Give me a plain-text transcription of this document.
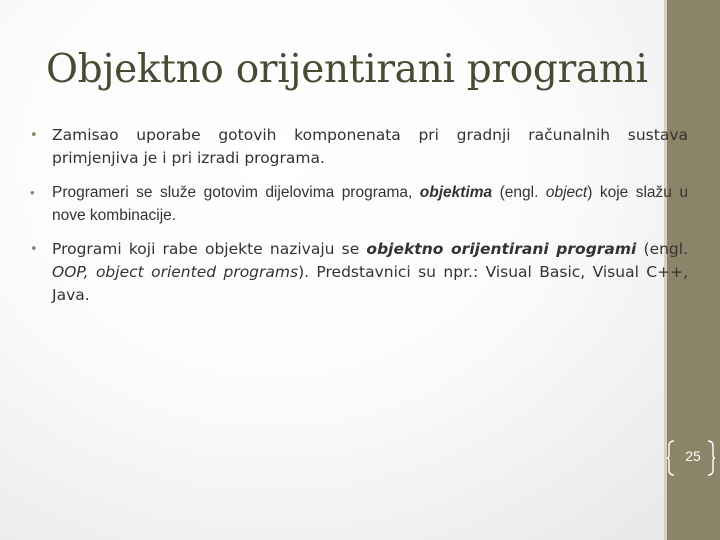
Objektno orijentirani programi
• Zamisao uporabe gotovih komponenata pri gradnji računalnih sustava primjenjiva je i pri izradi programa.
• Programeri se služe gotovim dijelovima programa, objektima (engl. object) koje slažu u nove kombinacije.
• Programi koji rabe objekte nazivaju se objektno orijentirani programi (engl. OOP, object oriented programs). Predstavnici su npr.: Visual Basic, Visual C++, Java.
25
